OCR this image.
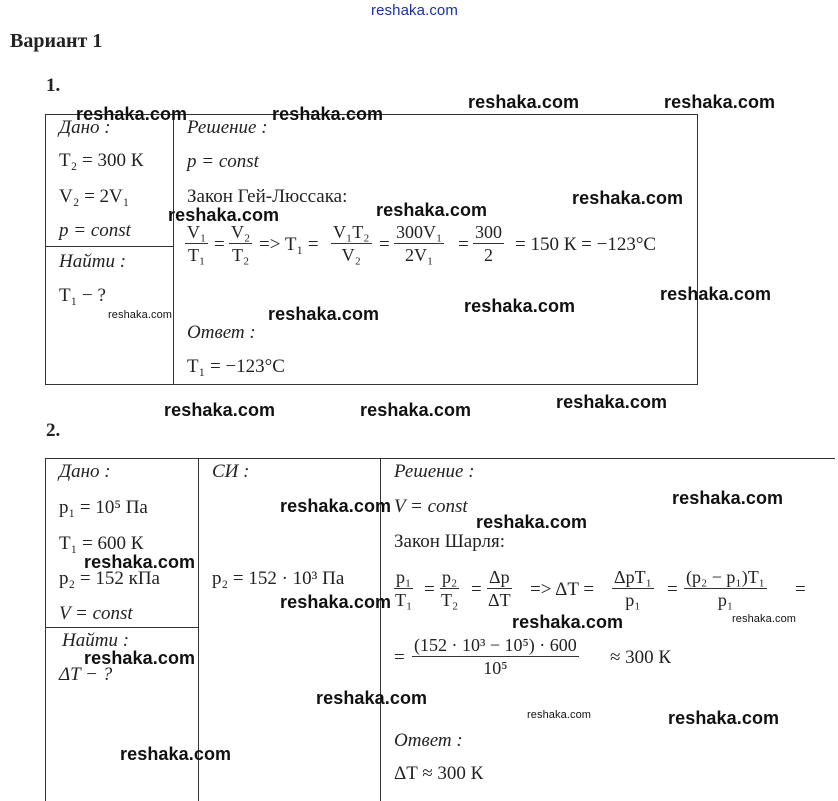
reshaka.com
Вариант 1
1.
Дано :
T₂ = 300 К
V₂ = 2V₁
p = const
Найти :
T₁ − ?
Решение :
p = const
Закон Гей-Люссака:
$\frac{\text{V₁}}{\text{T₁}} = \frac{\text{V₂}}{\text{T₂}} => T_1 = \frac{\text{V₁T₂}}{\text{V₂}} = \frac{\text{300V₁}}{\text{2V₁}} = \frac{300}{2} = 150$ К = −123°С
Ответ :
T₁ = −123°С
2.
Дано :
p₁ = 10⁵ Па
T₁ = 600 К
p₂ = 152 кПа
V = const
Найти :
ΔT − ?
СИ :
p₂ = 152 · 10³ Па
Решение :
V = const
Закон Шарля:
$\frac{\text{p₁}}{\text{T₁}} = \frac{\text{p₂}}{\text{T₂}} = \frac{\Delta p}{\Delta T} => \Delta T$ =
ΔpT₁
p₁	= $\frac{\text{(p₂ − p₁)T₁}}{\text{p₁}}$ =
= $\frac{\text{(152 · 10³ − 10⁵) · 600}}{\text{10⁵}} \approx 300$ К
Ответ :
ΔT ≈ 300 К
reshaka.com	reshaka.com
reshaka.com	reshaka.com
reshaka.com
reshaka.com
reshaka.com
reshaka.com
reshaka.com
reshaka.com
reshaka.com
reshaka.com
reshaka.com	reshaka.com
reshaka.com
reshaka.com
reshaka.com
reshaka.com
reshaka.com
reshaka.com	reshaka.com
reshaka.com
reshaka.com
reshaka.com	reshaka.com
reshaka.com
